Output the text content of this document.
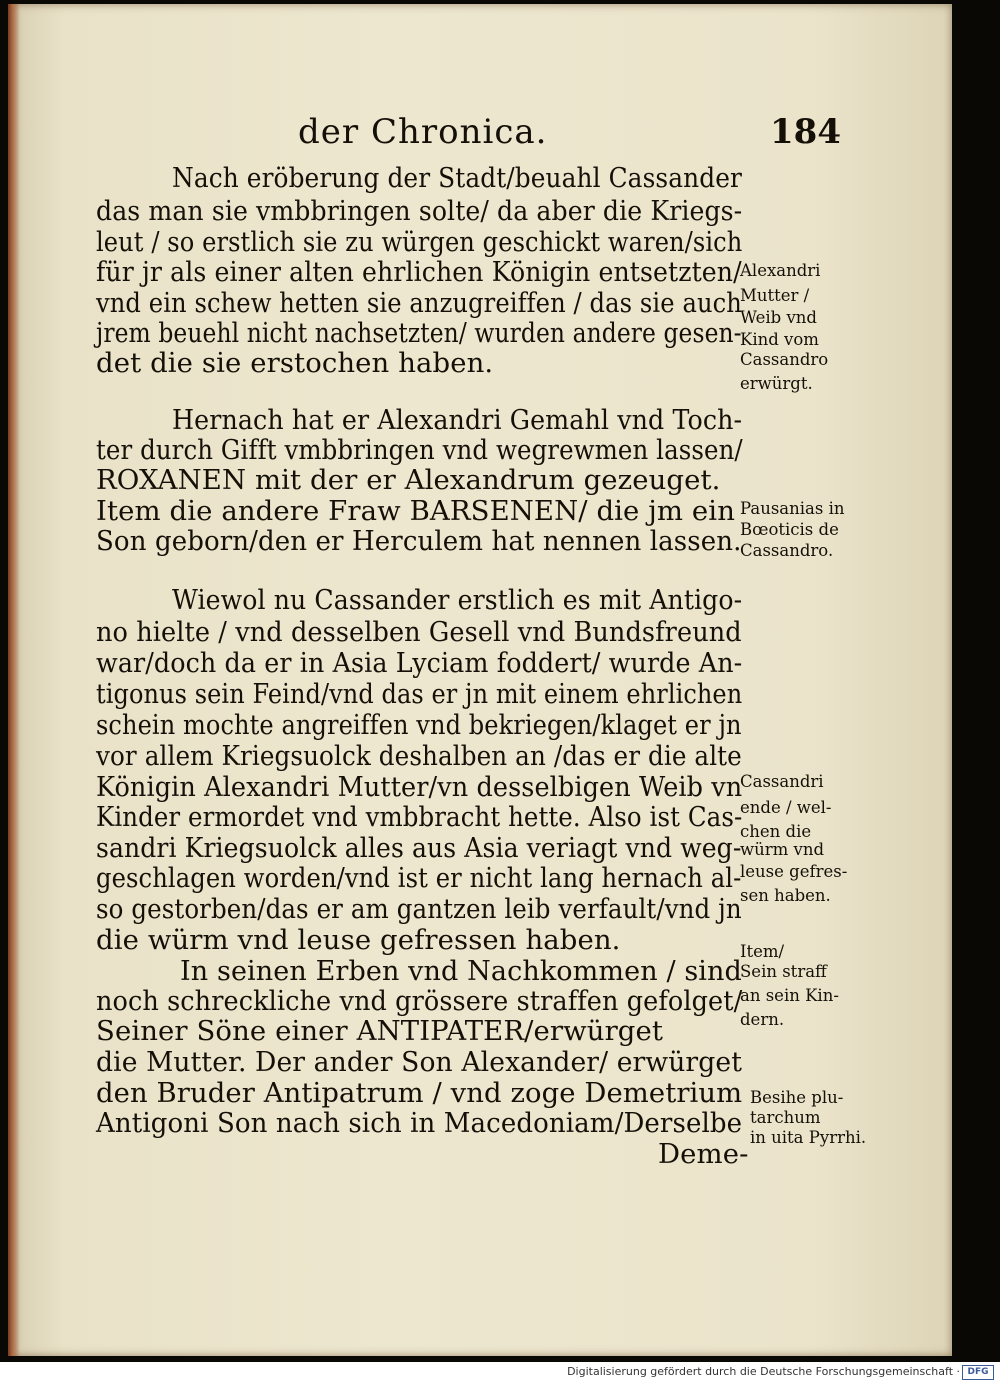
der Chronica.	184
Nach eröberung der Stadt/beuahl Cassander
das man sie vmbbringen solte/ da aber die Kriegs-
leut / so erstlich sie zu würgen geschickt waren/sich
für jr als einer alten ehrlichen Königin entsetzten/
vnd ein schew hetten sie anzugreiffen / das sie auch
jrem beuehl nicht nachsetzten/ wurden andere gesen-
det die sie erstochen haben.
Hernach hat er Alexandri Gemahl vnd Toch-
ter durch Gifft vmbbringen vnd wegrewmen lassen/
ROXANEN mit der er Alexandrum gezeuget.
Item die andere Fraw BARSENEN/ die jm ein
Son geborn/den er Herculem hat nennen lassen.
Wiewol nu Cassander erstlich es mit Antigo-
no hielte / vnd desselben Gesell vnd Bundsfreund
war/doch da er in Asia Lyciam foddert/ wurde An-
tigonus sein Feind/vnd das er jn mit einem ehrlichen
schein mochte angreiffen vnd bekriegen/klaget er jn
vor allem Kriegsuolck deshalben an /das er die alte
Königin Alexandri Mutter/vn desselbigen Weib vn
Kinder ermordet vnd vmbbracht hette. Also ist Cas-
sandri Kriegsuolck alles aus Asia veriagt vnd weg-
geschlagen worden/vnd ist er nicht lang hernach al-
so gestorben/das er am gantzen leib verfault/vnd jn
die würm vnd leuse gefressen haben.
In seinen Erben vnd Nachkommen / sind
noch schreckliche vnd grössere straffen gefolget/
Seiner Söne einer ANTIPATER/erwürget
die Mutter. Der ander Son Alexander/ erwürget
den Bruder Antipatrum / vnd zoge Demetrium
Antigoni Son nach sich in Macedoniam/Derselbe
Deme-
Alexandri
Mutter /
Weib vnd
Kind vom
Cassandro
erwürgt.
Pausanias in
Bœoticis de
Cassandro.
Cassandri
ende / wel-
chen die
würm vnd
leuse gefres-
sen haben.
Item/
Sein straff
an sein Kin-
dern.
Besihe plu-
tarchum
in uita Pyrrhi.
Digitalisierung gefördert durch die Deutsche Forschungsgemeinschaft · DFG
